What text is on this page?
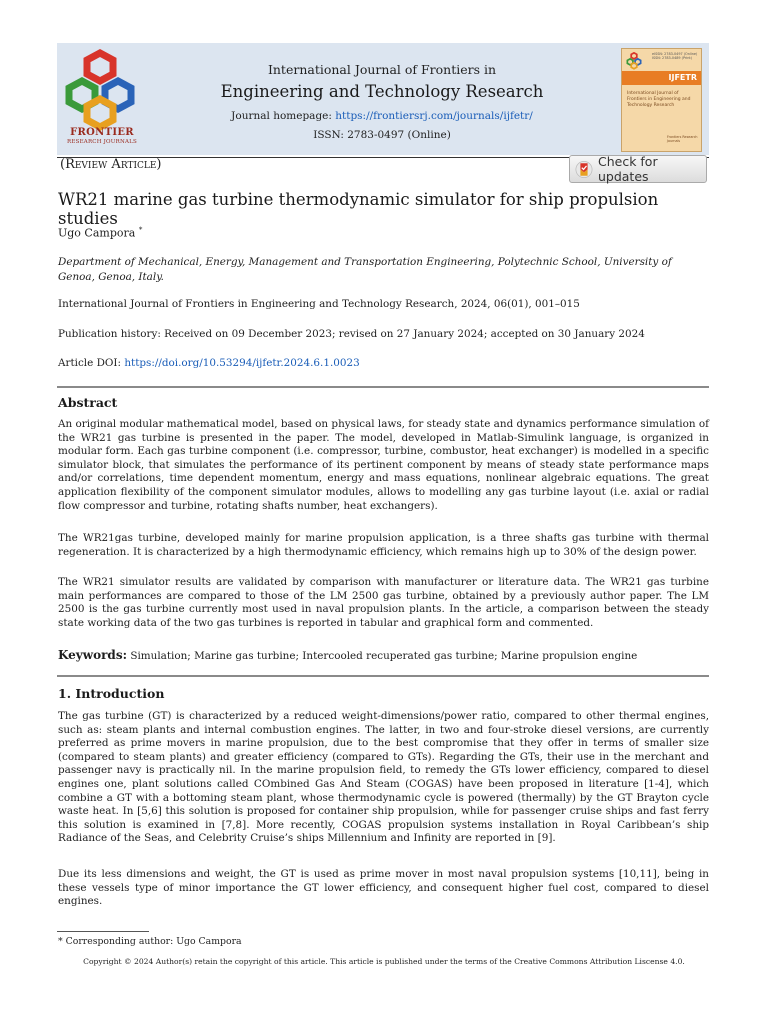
FRONTIER
RESEARCH JOURNALS
International Journal of Frontiers in
Engineering and Technology Research
Journal homepage: https://frontiersrj.com/journals/ijfetr/
ISSN: 2783-0497 (Online)
eISSN: 2783-0497 (Online) ISSN: 2783-0489 (Print)
IJFETR
International Journal of Frontiers in Engineering and Technology Research
Frontiers Research Journals
(Review Article)	Check for updates
WR21 marine gas turbine thermodynamic simulator for ship propulsion studies
Ugo Campora *
Department of Mechanical, Energy, Management and Transportation Engineering, Polytechnic School, University of Genoa, Genoa, Italy.
International Journal of Frontiers in Engineering and Technology Research, 2024, 06(01), 001–015
Publication history: Received on 09 December 2023; revised on 27 January 2024; accepted on 30 January 2024
Article DOI: https://doi.org/10.53294/ijfetr.2024.6.1.0023
Abstract
An original modular mathematical model, based on physical laws, for steady state and dynamics performance simulation of the WR21 gas turbine is presented in the paper. The model, developed in Matlab-Simulink language, is organized in modular form. Each gas turbine component (i.e. compressor, turbine, combustor, heat exchanger) is modelled in a specific simulator block, that simulates the performance of its pertinent component by means of steady state performance maps and/or correlations, time dependent momentum, energy and mass equations, nonlinear algebraic equations. The great application flexibility of the component simulator modules, allows to modelling any gas turbine layout (i.e. axial or radial flow compressor and turbine, rotating shafts number, heat exchangers).
The WR21gas turbine, developed mainly for marine propulsion application, is a three shafts gas turbine with thermal regeneration. It is characterized by a high thermodynamic efficiency, which remains high up to 30% of the design power.
The WR21 simulator results are validated by comparison with manufacturer or literature data. The WR21 gas turbine main performances are compared to those of the LM 2500 gas turbine, obtained by a previously author paper. The LM 2500 is the gas turbine currently most used in naval propulsion plants. In the article, a comparison between the steady state working data of the two gas turbines is reported in tabular and graphical form and commented.
Keywords: Simulation; Marine gas turbine; Intercooled recuperated gas turbine; Marine propulsion engine
1. Introduction
The gas turbine (GT) is characterized by a reduced weight-dimensions/power ratio, compared to other thermal engines, such as: steam plants and internal combustion engines. The latter, in two and four-stroke diesel versions, are currently preferred as prime movers in marine propulsion, due to the best compromise that they offer in terms of smaller size (compared to steam plants) and greater efficiency (compared to GTs). Regarding the GTs, their use in the merchant and passenger navy is practically nil. In the marine propulsion field, to remedy the GTs lower efficiency, compared to diesel engines one, plant solutions called COmbined Gas And Steam (COGAS) have been proposed in literature [1-4], which combine a GT with a bottoming steam plant, whose thermodynamic cycle is powered (thermally) by the GT Brayton cycle waste heat. In [5,6] this solution is proposed for container ship propulsion, while for passenger cruise ships and fast ferry this solution is examined in [7,8]. More recently, COGAS propulsion systems installation in Royal Caribbean’s ship Radiance of the Seas, and Celebrity Cruise’s ships Millennium and Infinity are reported in [9].
Due its less dimensions and weight, the GT is used as prime mover in most naval propulsion systems [10,11], being in these vessels type of minor importance the GT lower efficiency, and consequent higher fuel cost, compared to diesel engines.
* Corresponding author: Ugo Campora
Copyright © 2024 Author(s) retain the copyright of this article. This article is published under the terms of the Creative Commons Attribution Liscense 4.0.
